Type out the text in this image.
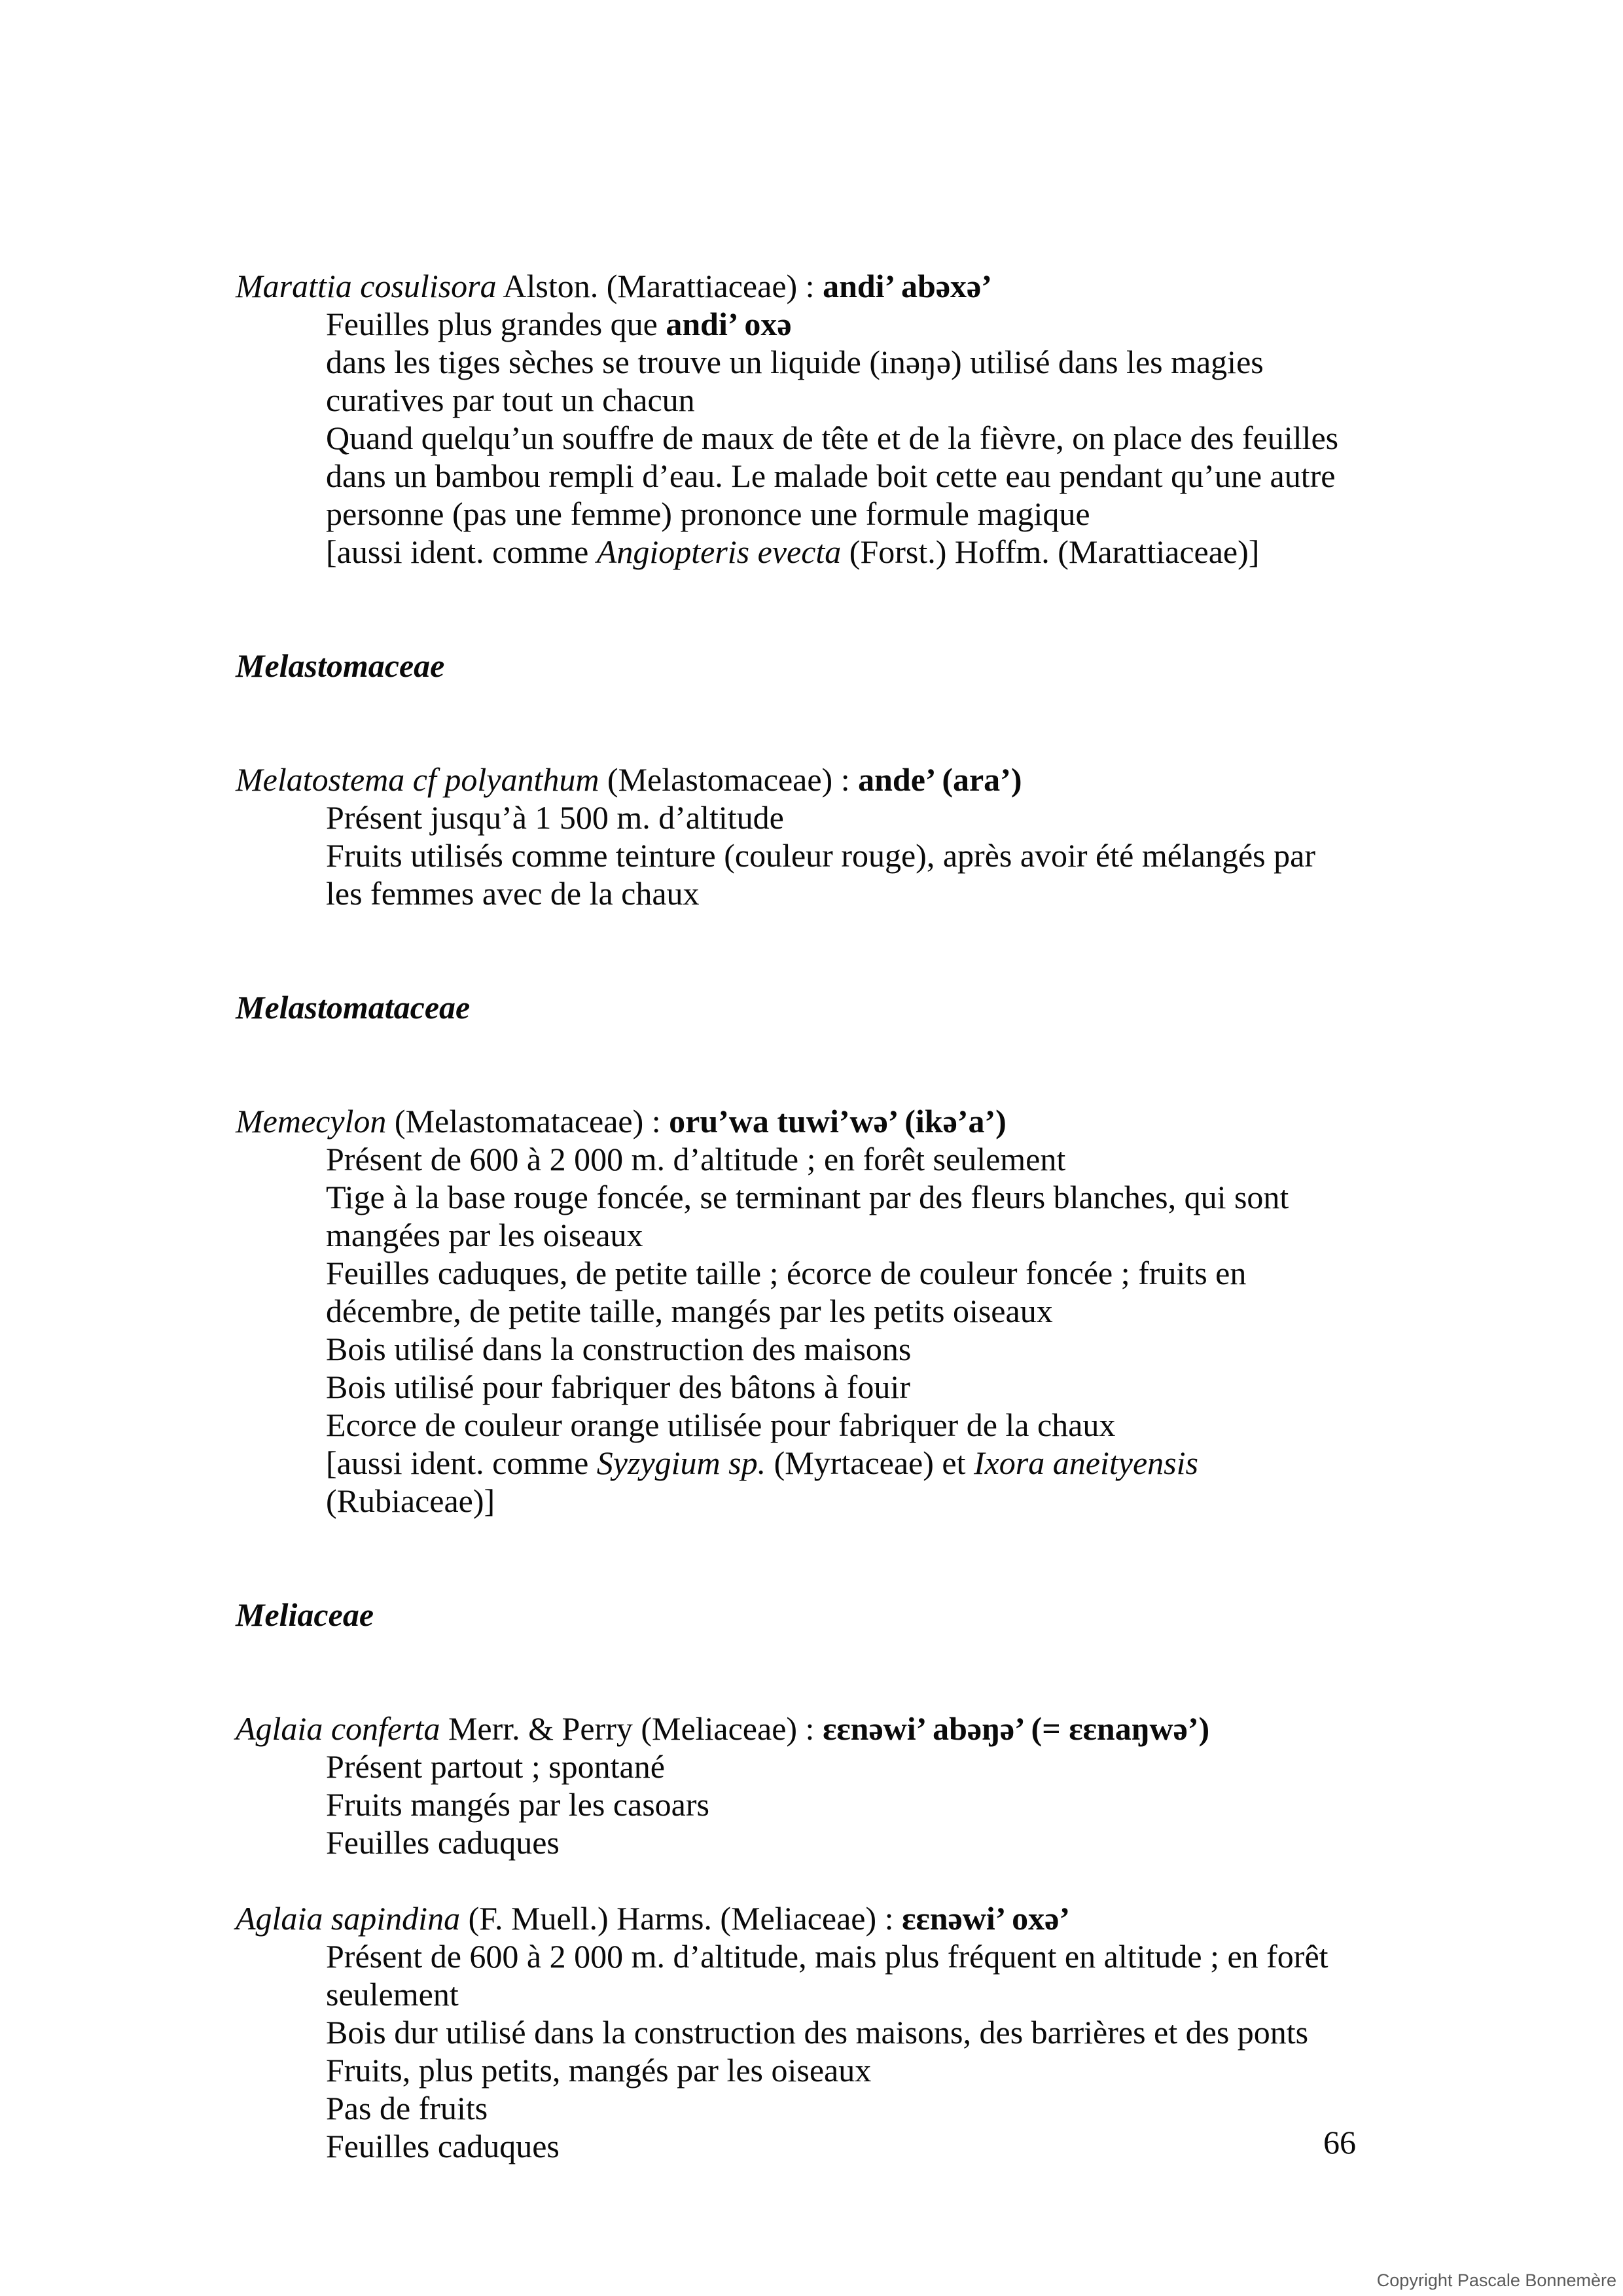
Marattia cosulisora Alston. (Marattiaceae) : andi’ abəxə’

Feuilles plus grandes que andi’ oxə

dans les tiges sèches se trouve un liquide (inəŋə) utilisé dans les magies curatives par tout un chacun

Quand quelqu’un souffre de maux de tête et de la fièvre, on place des feuilles dans un bambou rempli d’eau. Le malade boit cette eau pendant qu’une autre personne (pas une femme) prononce une formule magique

[aussi ident. comme Angiopteris evecta (Forst.) Hoffm. (Marattiaceae)]

Melastomaceae

Melatostema cf polyanthum (Melastomaceae) : ande’ (ara’)

Présent jusqu’à 1 500 m. d’altitude

Fruits utilisés comme teinture (couleur rouge), après avoir été mélangés par les femmes avec de la chaux

Melastomataceae

Memecylon (Melastomataceae) : oru’wa tuwi’wə’ (ikə’a’)

Présent de 600 à 2 000 m. d’altitude ; en forêt seulement

Tige à la base rouge foncée, se terminant par des fleurs blanches, qui sont mangées par les oiseaux

Feuilles caduques, de petite taille ; écorce de couleur foncée ; fruits en décembre, de petite taille, mangés par les petits oiseaux

Bois utilisé dans la construction des maisons

Bois utilisé pour fabriquer des bâtons à fouir

Ecorce de couleur orange utilisée pour fabriquer de la chaux

[aussi ident. comme Syzygium sp. (Myrtaceae) et Ixora aneityensis (Rubiaceae)]

Meliaceae

Aglaia conferta Merr. & Perry (Meliaceae) : ɛɛnəwi’ abəŋə’ (= ɛɛnaŋwə’)

Présent partout ; spontané

Fruits mangés par les casoars

Feuilles caduques

Aglaia sapindina (F. Muell.) Harms. (Meliaceae) : ɛɛnəwi’ oxə’

Présent de 600 à 2 000 m. d’altitude, mais plus fréquent en altitude ; en forêt seulement

Bois dur utilisé dans la construction des maisons, des barrières et des ponts

Fruits, plus petits, mangés par les oiseaux

Pas de fruits

Feuilles caduques	66
Copyright Pascale Bonnemère
